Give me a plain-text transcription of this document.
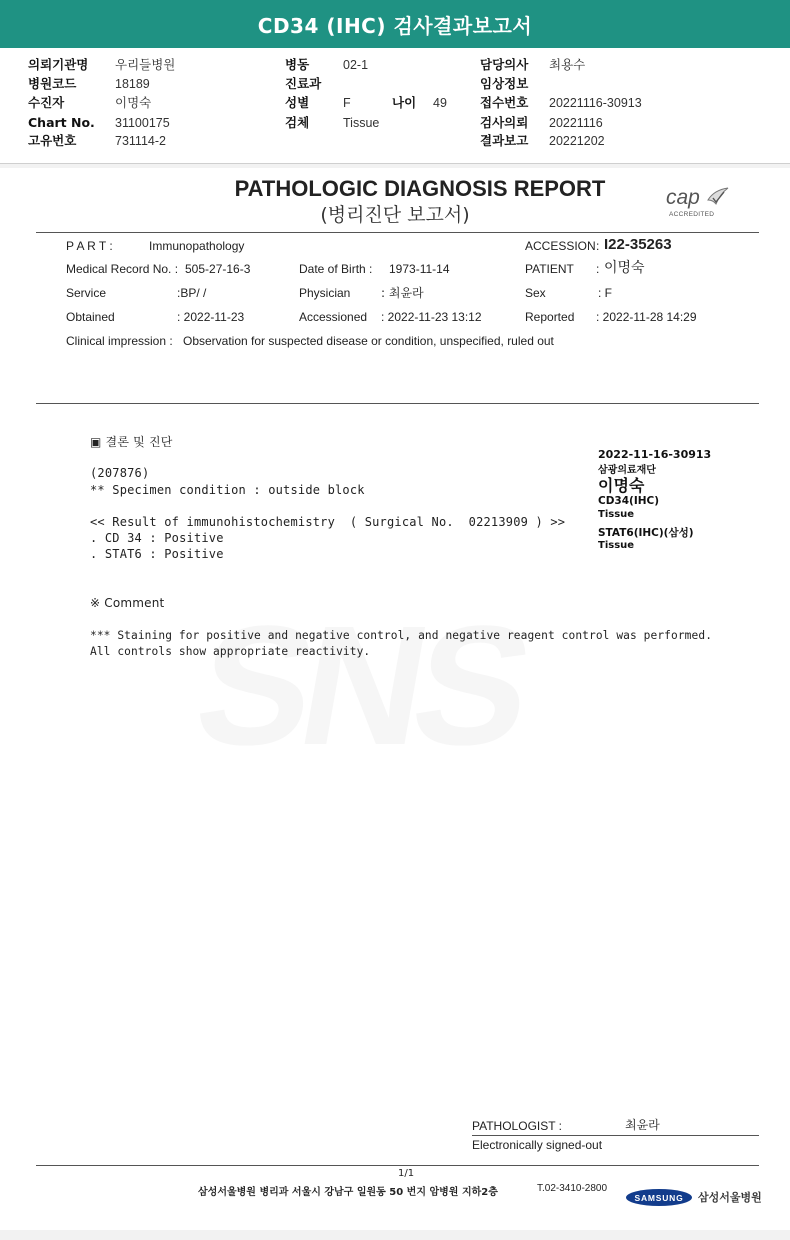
CD34 (IHC) 검사결과보고서
의뢰기관명 우리들병원	병동	02-1	담당의사 최용수
병원코드	18189	진료과	임상정보
수진자	이명숙	성별	F	나이 49	접수번호 20221116-30913
Chart No. 31100175	검체	Tissue	검사의뢰 20221116
고유번호	731114-2	결과보고 20221202
PATHOLOGIC DIAGNOSIS REPORT
(병리진단 보고서)
cap
ACCREDITED
P A R T :	Immunopathology	ACCESSION : I22-35263
Medical Record No. : 505-27-16-3	Date of Birth : 1973-11-14	PATIENT : 이명숙
Service	:BP/ /	Physician	: 최윤라	Sex	: F
Obtained	: 2022-11-23	Accessioned : 2022-11-23 13:12	Reported : 2022-11-28 14:29
Clinical impression : Observation for suspected disease or condition, unspecified, ruled out
▣ 결론 및 진단
(207876)
** Specimen condition : outside block
<< Result of immunohistochemistry  ( Surgical No.  02213909 ) >>
. CD 34 : Positive
. STAT6 : Positive
※ Comment
*** Staining for positive and negative control, and negative reagent control was performed.
All controls show appropriate reactivity.
2022-11-16-30913
삼광의료재단
이명숙
CD34(IHC)
Tissue
STAT6(IHC)(삼성)
Tissue
PATHOLOGIST :	최윤라
Electronically signed-out
1/1
삼성서울병원 병리과 서울시 강남구 일원동 50 번지 암병원 지하2층	T.02-3410-2800
SAMSUNG 삼성서울병원
